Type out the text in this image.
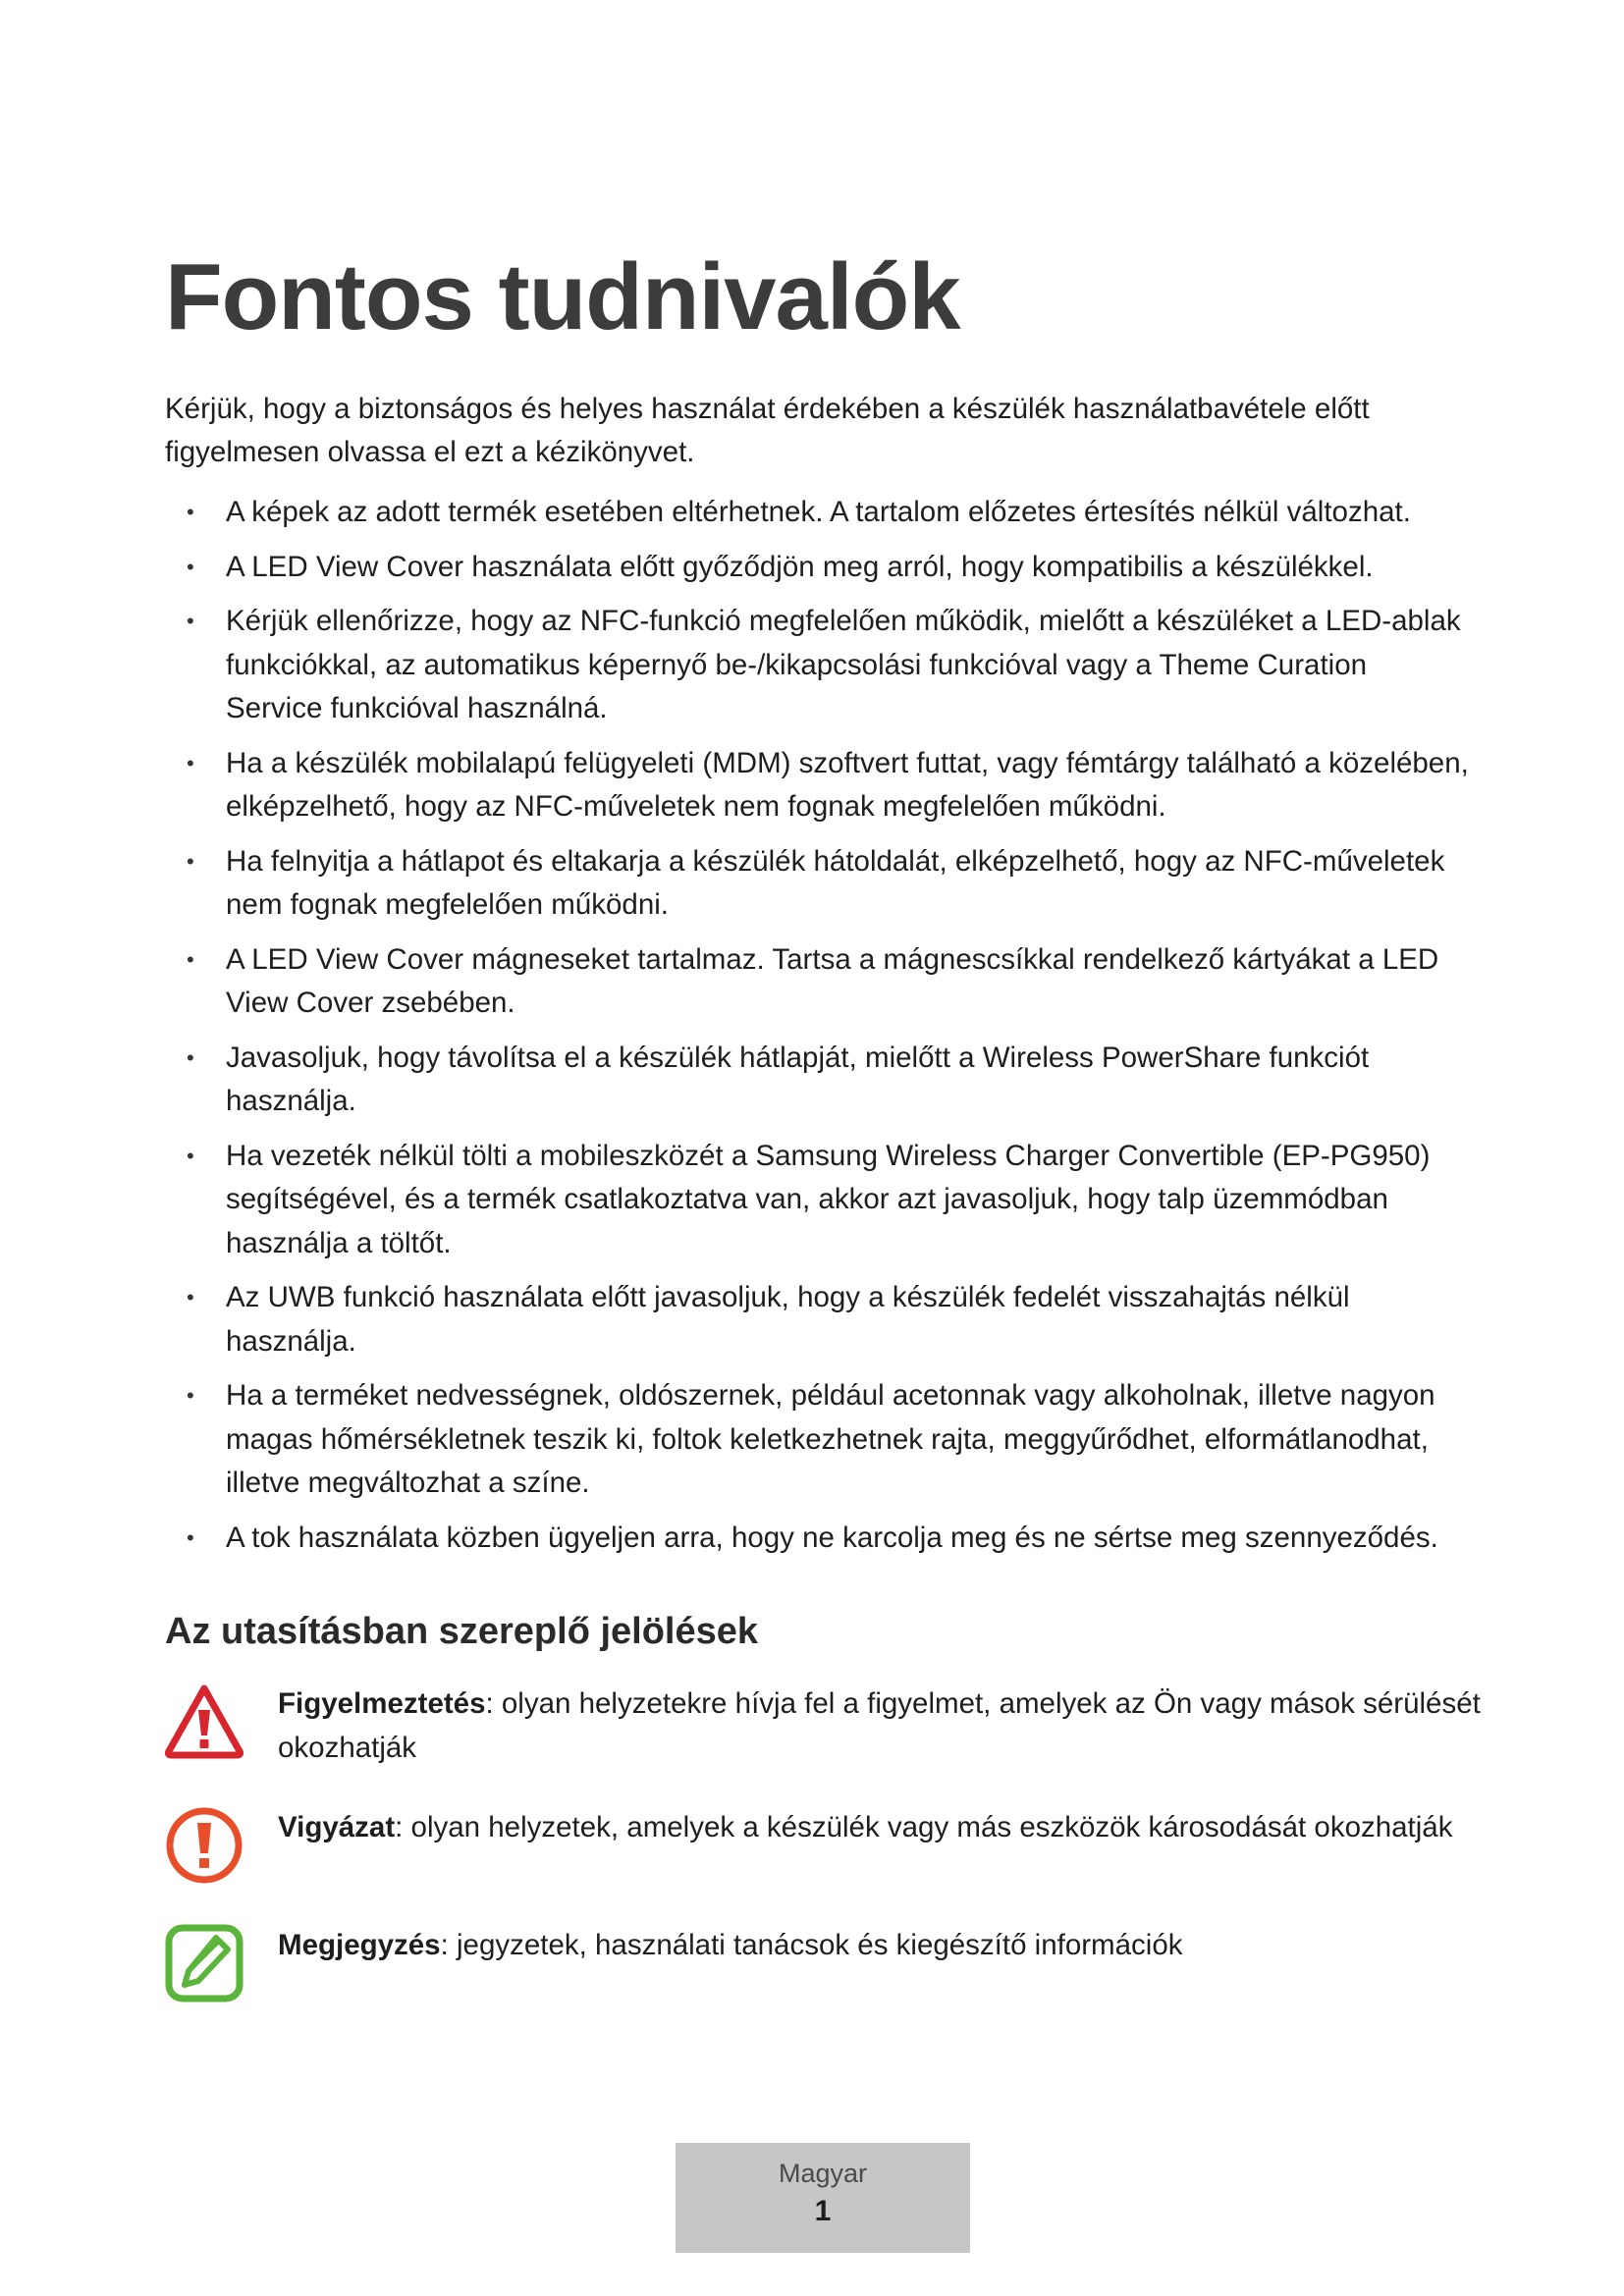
Fontos tudnivalók

Kérjük, hogy a biztonságos és helyes használat érdekében a készülék használatbavétele előtt figyelmesen olvassa el ezt a kézikönyvet.

• A képek az adott termék esetében eltérhetnek. A tartalom előzetes értesítés nélkül változhat.
• A LED View Cover használata előtt győződjön meg arról, hogy kompatibilis a készülékkel.
• Kérjük ellenőrizze, hogy az NFC-funkció megfelelően működik, mielőtt a készüléket a LED-ablak funkciókkal, az automatikus képernyő be-/kikapcsolási funkcióval vagy a Theme Curation Service funkcióval használná.
• Ha a készülék mobilalapú felügyeleti (MDM) szoftvert futtat, vagy fémtárgy található a közelében, elképzelhető, hogy az NFC-műveletek nem fognak megfelelően működni.
• Ha felnyitja a hátlapot és eltakarja a készülék hátoldalát, elképzelhető, hogy az NFC-műveletek nem fognak megfelelően működni.
• A LED View Cover mágneseket tartalmaz. Tartsa a mágnescsíkkal rendelkező kártyákat a LED View Cover zsebében.
• Javasoljuk, hogy távolítsa el a készülék hátlapját, mielőtt a Wireless PowerShare funkciót használja.
• Ha vezeték nélkül tölti a mobileszközét a Samsung Wireless Charger Convertible (EP-PG950) segítségével, és a termék csatlakoztatva van, akkor azt javasoljuk, hogy talp üzemmódban használja a töltőt.
• Az UWB funkció használata előtt javasoljuk, hogy a készülék fedelét visszahajtás nélkül használja.
• Ha a terméket nedvességnek, oldószernek, például acetonnak vagy alkoholnak, illetve nagyon magas hőmérsékletnek teszik ki, foltok keletkezhetnek rajta, meggyűrődhet, elformátlanodhat, illetve megváltozhat a színe.
• A tok használata közben ügyeljen arra, hogy ne karcolja meg és ne sértse meg szennyeződés.
Az utasításban szereplő jelölések
Figyelmeztetés: olyan helyzetekre hívja fel a figyelmet, amelyek az Ön vagy mások sérülését okozhatják
Vigyázat: olyan helyzetek, amelyek a készülék vagy más eszközök károsodását okozhatják
Megjegyzés: jegyzetek, használati tanácsok és kiegészítő információk
Magyar
1
